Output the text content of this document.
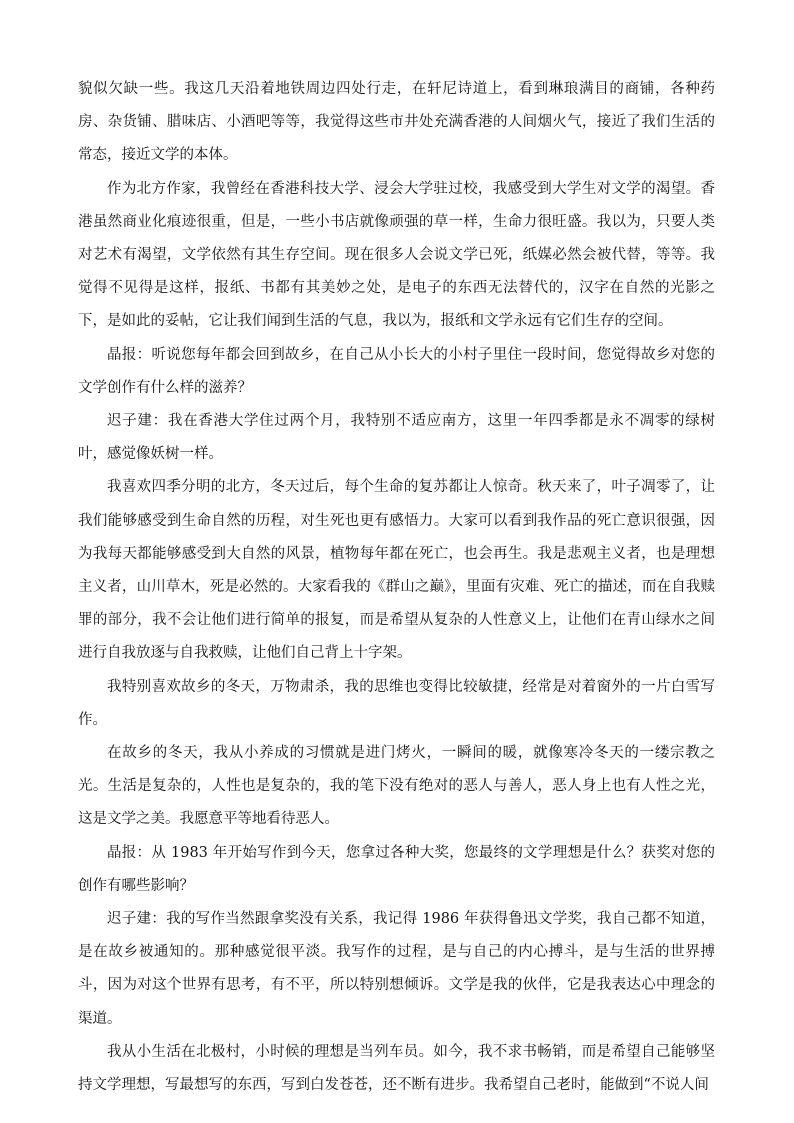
貌似欠缺一些。我这几天沿着地铁周边四处行走，在轩尼诗道上，看到琳琅满目的商铺，各种药房、杂货铺、腊味店、小酒吧等等，我觉得这些市井处充满香港的人间烟火气，接近了我们生活的常态，接近文学的本体。

作为北方作家，我曾经在香港科技大学、浸会大学驻过校，我感受到大学生对文学的渴望。香港虽然商业化痕迹很重，但是，一些小书店就像顽强的草一样，生命力很旺盛。我以为，只要人类对艺术有渴望，文学依然有其生存空间。现在很多人会说文学已死，纸媒必然会被代替，等等。我觉得不见得是这样，报纸、书都有其美妙之处，是电子的东西无法替代的，汉字在自然的光影之下，是如此的妥帖，它让我们闻到生活的气息，我以为，报纸和文学永远有它们生存的空间。

晶报：听说您每年都会回到故乡，在自己从小长大的小村子里住一段时间，您觉得故乡对您的文学创作有什么样的滋养？

迟子建：我在香港大学住过两个月，我特别不适应南方，这里一年四季都是永不凋零的绿树叶，感觉像妖树一样。

我喜欢四季分明的北方，冬天过后，每个生命的复苏都让人惊奇。秋天来了，叶子凋零了，让我们能够感受到生命自然的历程，对生死也更有感悟力。大家可以看到我作品的死亡意识很强，因为我每天都能够感受到大自然的风景，植物每年都在死亡，也会再生。我是悲观主义者，也是理想主义者，山川草木，死是必然的。大家看我的《群山之巅》，里面有灾难、死亡的描述，而在自我赎罪的部分，我不会让他们进行简单的报复，而是希望从复杂的人性意义上，让他们在青山绿水之间进行自我放逐与自我救赎，让他们自己背上十字架。

我特别喜欢故乡的冬天，万物肃杀，我的思维也变得比较敏捷，经常是对着窗外的一片白雪写作。

在故乡的冬天，我从小养成的习惯就是进门烤火，一瞬间的暖，就像寒冷冬天的一缕宗教之光。生活是复杂的，人性也是复杂的，我的笔下没有绝对的恶人与善人，恶人身上也有人性之光，这是文学之美。我愿意平等地看待恶人。

晶报：从 1983 年开始写作到今天，您拿过各种大奖，您最终的文学理想是什么？获奖对您的创作有哪些影响？

迟子建：我的写作当然跟拿奖没有关系，我记得 1986 年获得鲁迅文学奖，我自己都不知道，是在故乡被通知的。那种感觉很平淡。我写作的过程，是与自己的内心搏斗，是与生活的世界搏斗，因为对这个世界有思考，有不平，所以特别想倾诉。文学是我的伙伴，它是我表达心中理念的渠道。

我从小生活在北极村，小时候的理想是当列车员。如今，我不求书畅销，而是希望自己能够坚持文学理想，写最想写的东西，写到白发苍苍，还不断有进步。我希望自己老时，能做到“不说人间
